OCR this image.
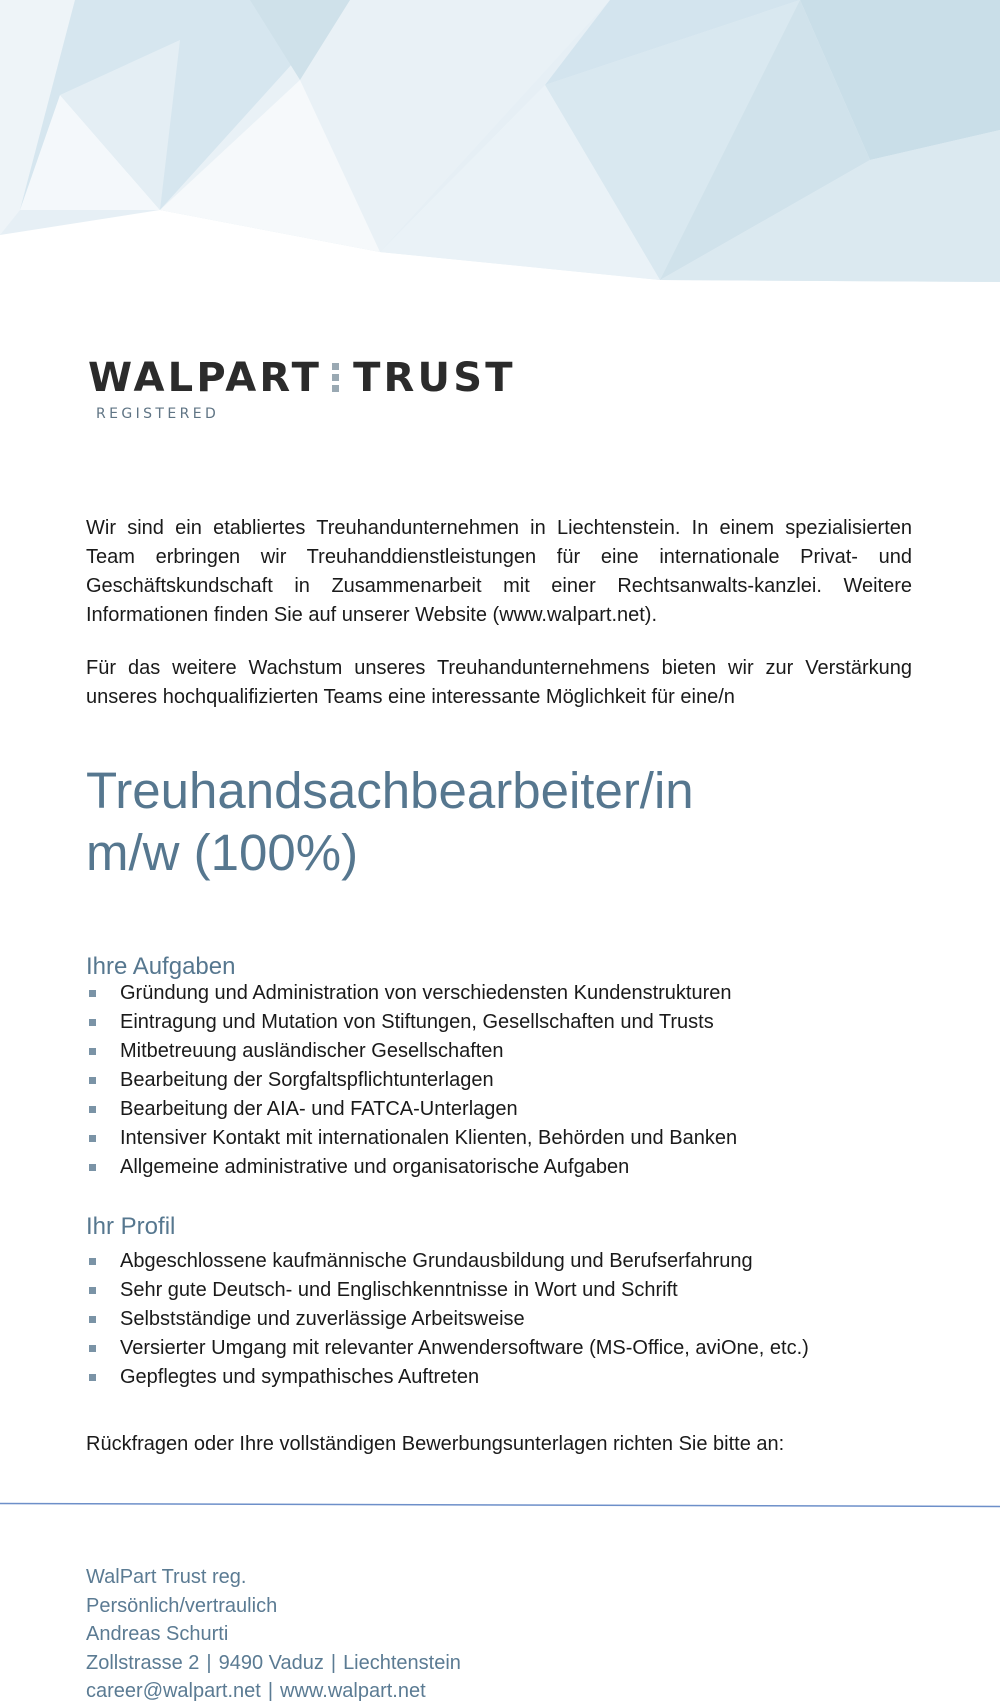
WALPART TRUST
REGISTERED

Wir sind ein etabliertes Treuhandunternehmen in Liechtenstein. In einem spezialisierten Team erbringen wir Treuhanddienstleistungen für eine internationale Privat- und Geschäftskundschaft in Zusammenarbeit mit einer Rechtsanwalts-kanzlei. Weitere Informationen finden Sie auf unserer Website (www.walpart.net).

Für das weitere Wachstum unseres Treuhandunternehmens bieten wir zur Verstärkung unseres hochqualifizierten Teams eine interessante Möglichkeit für eine/n

Treuhandsachbearbeiter/in
m/w (100%)
Ihre Aufgaben
Gründung und Administration von verschiedensten Kundenstrukturen
Eintragung und Mutation von Stiftungen, Gesellschaften und Trusts
Mitbetreuung ausländischer Gesellschaften
Bearbeitung der Sorgfaltspflichtunterlagen
Bearbeitung der AIA- und FATCA-Unterlagen
Intensiver Kontakt mit internationalen Klienten, Behörden und Banken
Allgemeine administrative und organisatorische Aufgaben
Ihr Profil
Abgeschlossene kaufmännische Grundausbildung und Berufserfahrung
Sehr gute Deutsch- und Englischkenntnisse in Wort und Schrift
Selbstständige und zuverlässige Arbeitsweise
Versierter Umgang mit relevanter Anwendersoftware (MS-Office, aviOne, etc.)
Gepflegtes und sympathisches Auftreten

Rückfragen oder Ihre vollständigen Bewerbungsunterlagen richten Sie bitte an:

WalPart Trust reg.
Persönlich/vertraulich
Andreas Schurti
Zollstrasse 2 | 9490 Vaduz | Liechtenstein
career@walpart.net | www.walpart.net
